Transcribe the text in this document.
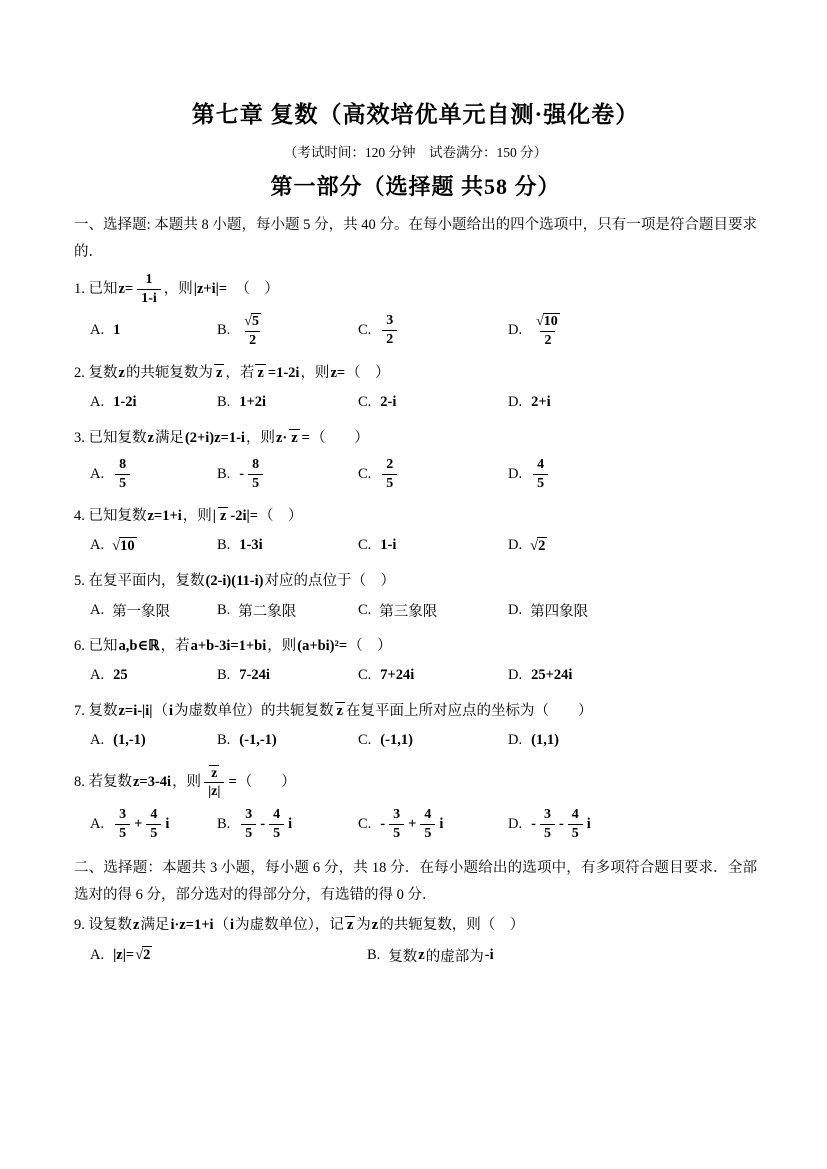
第七章 复数（高效培优单元自测·强化卷）
（考试时间：120 分钟　试卷满分：150 分）
第一部分（选择题 共58 分）

一、选择题: 本题共 8 小题，每小题 5 分，共 40 分。在每小题给出的四个选项中，只有一项是符合题目要求的．

1. 已知$z= \frac{1}{1-i}$ ，则|z+i|=　（　）
A. 1	B. $\frac{√ 5}{2}$	C. $\frac{3}{2}$	D. $\frac{√ 10}{2}$
2. 复数z的共轭复数为 z ，若 z =1-2i，则z=（　）
A. 1-2i	B. 1+2i	C. 2-i	D. 2+i
3. 已知复数z满足(2+i)z=1-i，则z· z =（　　）
A. $\frac{8}{5}$	B. - $\frac{8}{5}$	C. $\frac{2}{5}$	D. $\frac{4}{5}$
4. 已知复数z=1+i，则| z -2i|=（　）
A. √ 10	B. 1-3i	C. 1-i	D. √ 2
5. 在复平面内，复数(2-i)(11-i)对应的点位于（　）
A. 第一象限	B. 第二象限	C. 第三象限	D. 第四象限
6. 已知a,b∈ℝ，若a+b-3i=1+bi，则(a+bi)²=（　）
A. 25	B. 7-24i	C. 7+24i	D. 25+24i
7. 复数z=i-|i|（i为虚数单位）的共轭复数 z 在复平面上所对应点的坐标为（　　）
A. (1,-1)	B. (-1,-1)	C. (-1,1)	D. (1,1)
8. 若复数z=3-4i，则 $\frac{z}{|z|}$ =（　　）
A. $\frac{3}{5} + \frac{4}{5}$ i	B. $\frac{3}{5} - \frac{4}{5}$ i	C. - $\frac{3}{5} + \frac{4}{5}$ i	D. - $\frac{3}{5} - \frac{4}{5}$ i

二、选择题：本题共 3 小题，每小题 6 分，共 18 分．在每小题给出的选项中，有多项符合题目要求．全部选对的得 6 分，部分选对的得部分分，有选错的得 0 分．

9. 设复数z满足i·z=1+i（i为虚数单位），记 z 为z的共轭复数，则（　）
A. |z|= √ 2	B. 复数 z 的虚部为 -i
